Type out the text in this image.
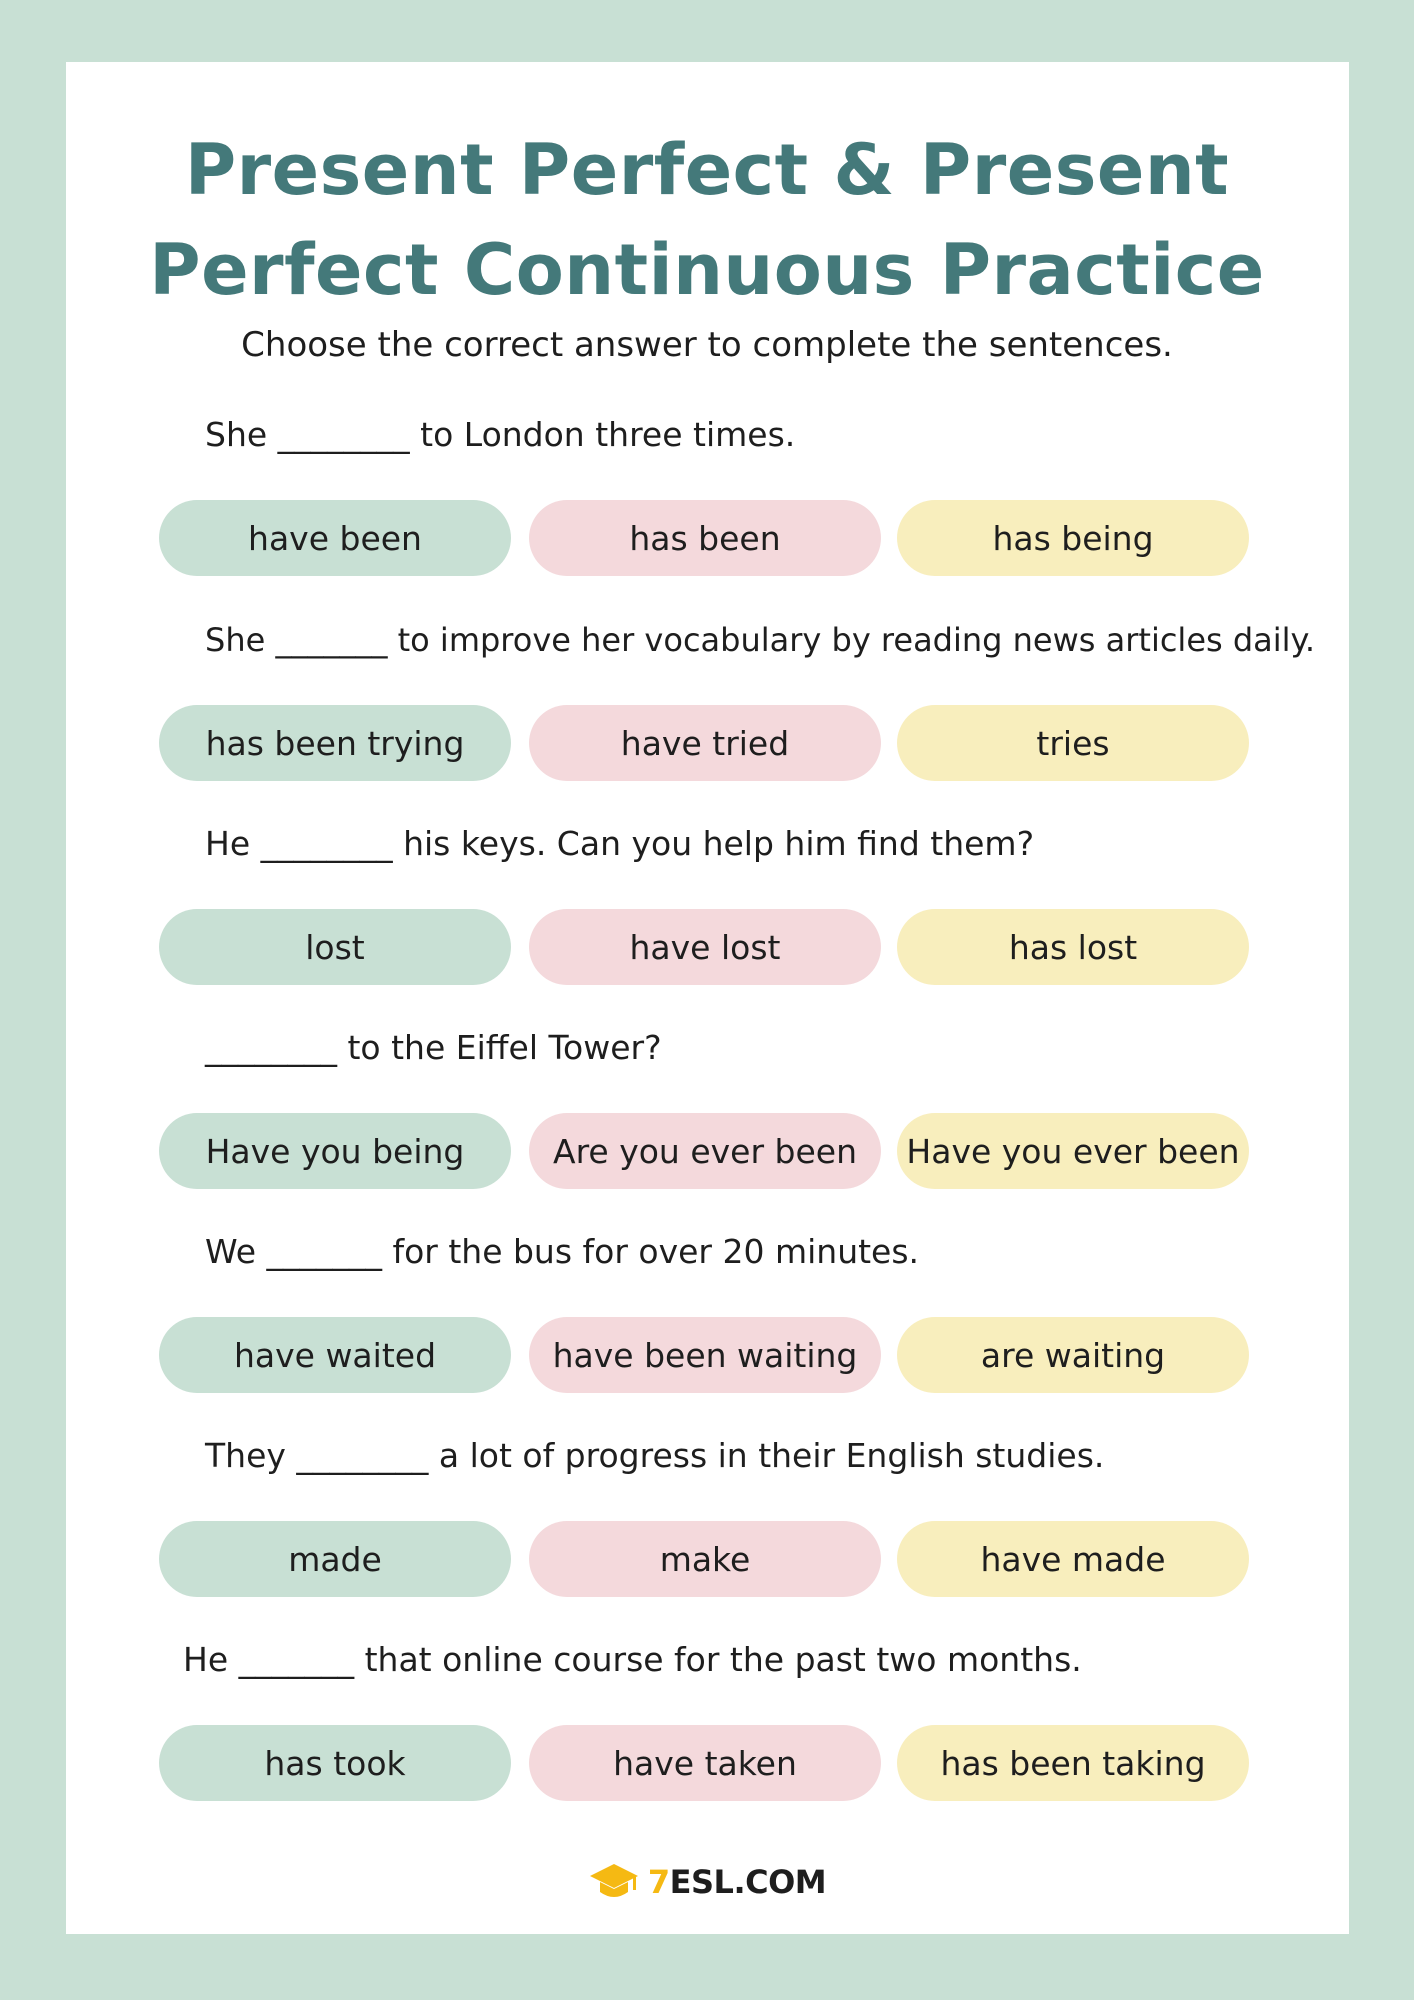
Present Perfect & Present
Perfect Continuous Practice
Choose the correct answer to complete the sentences.
She ________ to London three times.
have been	has been	has being
She _______ to improve her vocabulary by reading news articles daily.
has been trying	have tried	tries
He ________ his keys. Can you help him find them?
lost	have lost	has lost
________ to the Eiffel Tower?
Have you being	Are you ever been	Have you ever been
We _______ for the bus for over 20 minutes.
have waited	have been waiting	are waiting
They ________ a lot of progress in their English studies.
made	make	have made
He _______ that online course for the past two months.
has took	have taken	has been taking
7ESL.COM
